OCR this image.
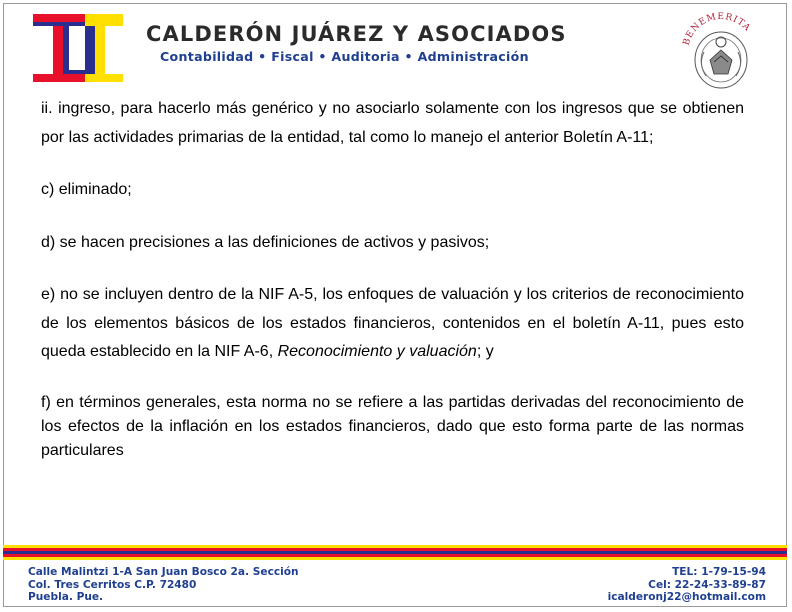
CALDERÓN JUÁREZ Y ASOCIADOS
Contabilidad • Fiscal • Auditoria • Administración
BENEMERITA

ii. ingreso, para hacerlo más genérico y no asociarlo solamente con los ingresos que se obtienen por las actividades primarias de la entidad, tal como lo manejo el anterior Boletín A-11;

c) eliminado;

d) se hacen precisiones a las definiciones de activos y pasivos;

e) no se incluyen dentro de la NIF A-5, los enfoques de valuación y los criterios de reconocimiento de los elementos básicos de los estados financieros, contenidos en el boletín A-11, pues esto queda establecido en la NIF A-6, Reconocimiento y valuación; y

f) en términos generales, esta norma no se refiere a las partidas derivadas del reconocimiento de los efectos de la inflación en los estados financieros, dado que esto forma parte de las normas particulares

Calle Malintzi 1-A San Juan Bosco 2a. Sección
Col. Tres Cerritos C.P. 72480
Puebla. Pue.
TEL: 1-79-15-94
Cel: 22-24-33-89-87
icalderonj22@hotmail.com
